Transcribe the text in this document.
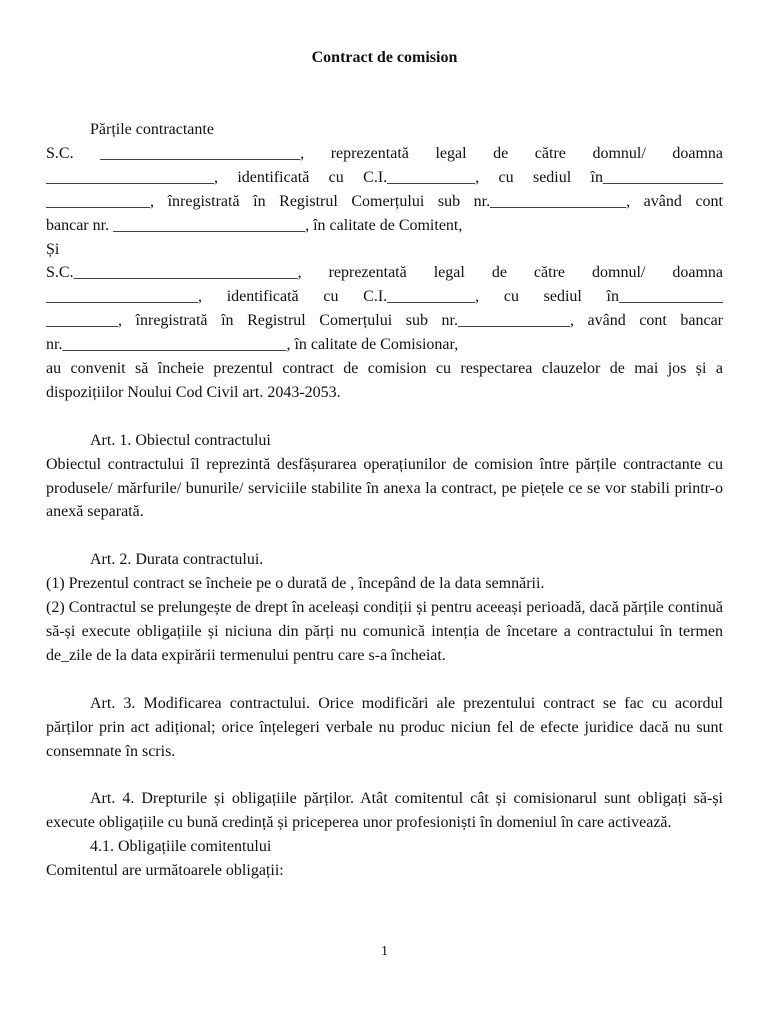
Contract de comision

Părțile contractante

S.C. _________________________, reprezentată legal de către domnul/ doamna

_____________________, identificată cu C.I.___________, cu sediul în_______________

_____________, înregistrată în Registrul Comerțului sub nr._________________, având cont

bancar nr. ________________________, în calitate de Comitent,

Și

S.C.____________________________, reprezentată legal de către domnul/ doamna

___________________, identificată cu C.I.___________, cu sediul în_____________

_________, înregistrată în Registrul Comerțului sub nr.______________, având cont bancar

nr.____________________________, în calitate de Comisionar,

au convenit să încheie prezentul contract de comision cu respectarea clauzelor de mai jos și a dispozițiilor Noului Cod Civil art. 2043-2053.

Art. 1. Obiectul contractului

Obiectul contractului îl reprezintă desfășurarea operațiunilor de comision între părțile contractante cu produsele/ mărfurile/ bunurile/ serviciile stabilite în anexa la contract, pe piețele ce se vor stabili printr-o anexă separată.

Art. 2. Durata contractului.

(1) Prezentul contract se încheie pe o durată de , începând de la data semnării.

(2) Contractul se prelungește de drept în aceleași condiții și pentru aceeași perioadă, dacă părțile continuă să-și execute obligațiile și niciuna din părți nu comunică intenția de încetare a contractului în termen de_zile de la data expirării termenului pentru care s-a încheiat.

Art. 3. Modificarea contractului. Orice modificări ale prezentului contract se fac cu acordul părților prin act adițional; orice înțelegeri verbale nu produc niciun fel de efecte juridice dacă nu sunt consemnate în scris.

Art. 4. Drepturile și obligațiile părților. Atât comitentul cât și comisionarul sunt obligați să-și execute obligațiile cu bună credință și priceperea unor profesioniști în domeniul în care activează.

4.1. Obligațiile comitentului

Comitentul are următoarele obligații:

1
